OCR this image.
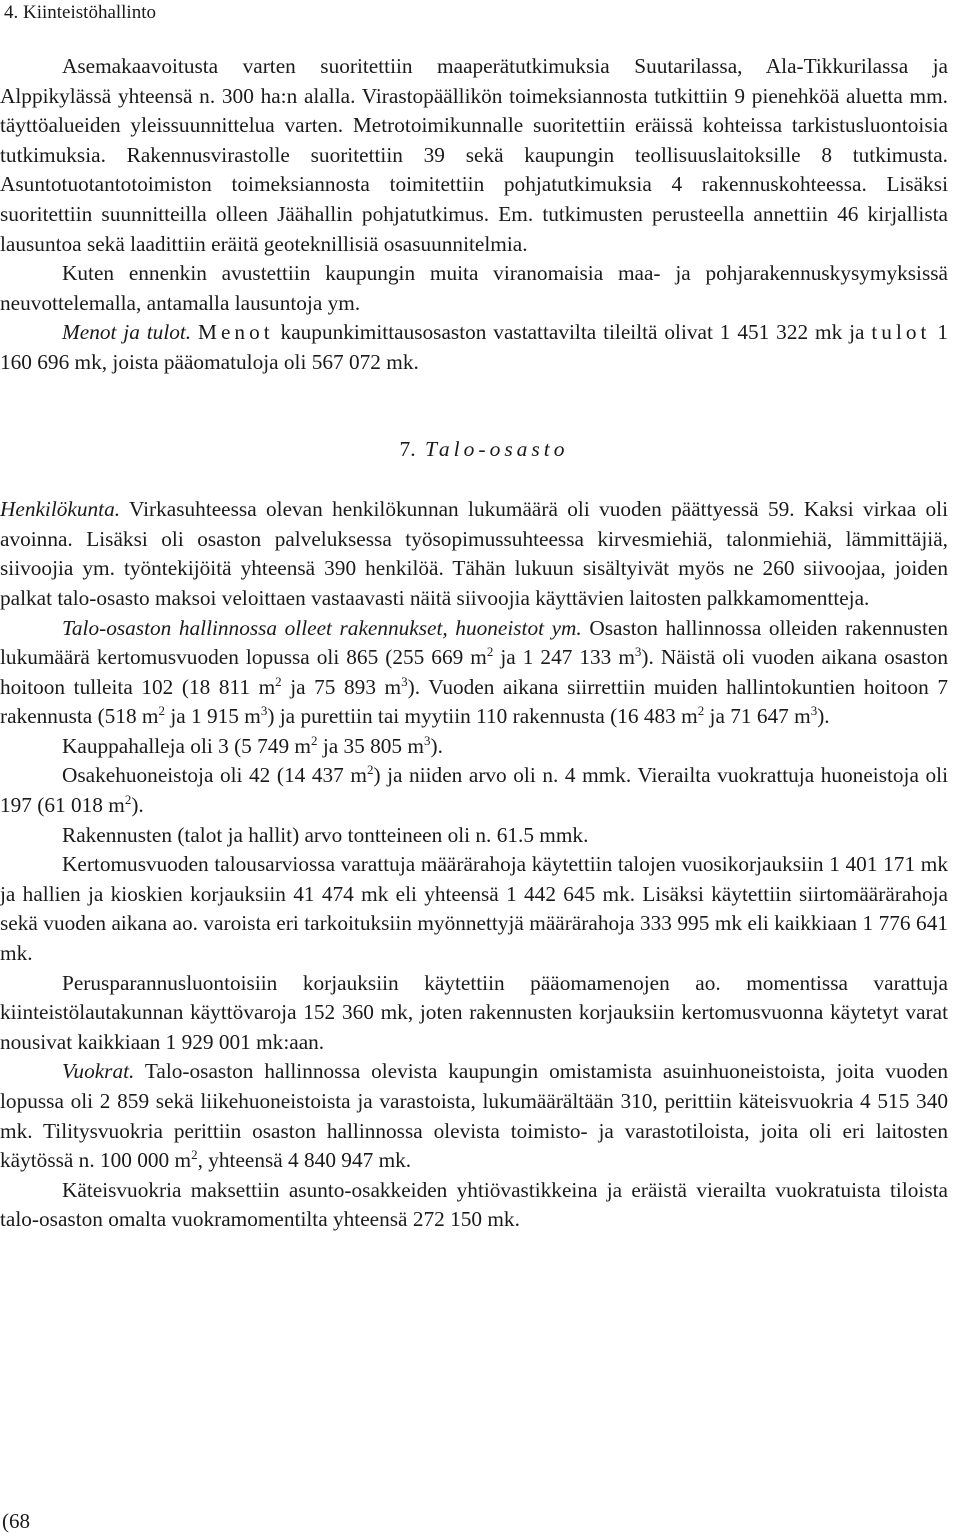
4. Kiinteistöhallinto

Asemakaavoitusta varten suoritettiin maaperätutkimuksia Suutarilassa, Ala-Tikkurilassa ja Alppikylässä yhteensä n. 300 ha:n alalla. Virastopäällikön toimeksiannosta tutkittiin 9 pienehköä aluetta mm. täyttöalueiden yleissuunnittelua varten. Metrotoimikunnalle suoritettiin eräissä kohteissa tarkistusluontoisia tutkimuksia. Rakennusvirastolle suoritettiin 39 sekä kaupungin teollisuuslaitoksille 8 tutkimusta. Asuntotuotantotoimiston toimeksiannosta toimitettiin pohjatutkimuksia 4 rakennuskohteessa. Lisäksi suoritettiin suunnitteilla olleen Jäähallin pohjatutkimus. Em. tutkimusten perusteella annettiin 46 kirjallista lausuntoa sekä laadittiin eräitä geoteknillisiä osasuunnitelmia.

Kuten ennenkin avustettiin kaupungin muita viranomaisia maa- ja pohjarakennuskysymyksissä neuvottelemalla, antamalla lausuntoja ym.

Menot ja tulot. Menot kaupunkimittausosaston vastattavilta tileiltä olivat 1 451 322 mk ja tulot 1 160 696 mk, joista pääomatuloja oli 567 072 mk.

7. Talo-osasto

Henkilökunta. Virkasuhteessa olevan henkilökunnan lukumäärä oli vuoden päättyessä 59. Kaksi virkaa oli avoinna. Lisäksi oli osaston palveluksessa työsopimussuhteessa kirvesmiehiä, talonmiehiä, lämmittäjiä, siivoojia ym. työntekijöitä yhteensä 390 henkilöä. Tähän lukuun sisältyivät myös ne 260 siivoojaa, joiden palkat talo-osasto maksoi veloittaen vastaavasti näitä siivoojia käyttävien laitosten palkkamomentteja.

Talo-osaston hallinnossa olleet rakennukset, huoneistot ym. Osaston hallinnossa olleiden rakennusten lukumäärä kertomusvuoden lopussa oli 865 (255 669 $m^2$ ja 1 247 133 $m^3$). Näistä oli vuoden aikana osaston hoitoon tulleita 102 (18 811 $m^2$ ja 75 893 $m^3$). Vuoden aikana siirrettiin muiden hallintokuntien hoitoon 7 rakennusta (518 $m^2$ ja 1 915 $m^3$) ja purettiin tai myytiin 110 rakennusta (16 483 $m^2$ ja 71 647 $m^3$).

Kauppahalleja oli 3 (5 749 $m^2$ ja 35 805 $m^3$).

Osakehuoneistoja oli 42 (14 437 $m^2$) ja niiden arvo oli n. 4 mmk. Vierailta vuokrattuja huoneistoja oli 197 (61 018 $m^2$).

Rakennusten (talot ja hallit) arvo tontteineen oli n. 61.5 mmk.

Kertomusvuoden talousarviossa varattuja määrärahoja käytettiin talojen vuosikorjauksiin 1 401 171 mk ja hallien ja kioskien korjauksiin 41 474 mk eli yhteensä 1 442 645 mk. Lisäksi käytettiin siirtomäärärahoja sekä vuoden aikana ao. varoista eri tarkoituksiin myönnettyjä määrärahoja 333 995 mk eli kaikkiaan 1 776 641 mk.

Perusparannusluontoisiin korjauksiin käytettiin pääomamenojen ao. momentissa varattuja kiinteistölautakunnan käyttövaroja 152 360 mk, joten rakennusten korjauksiin kertomusvuonna käytetyt varat nousivat kaikkiaan 1 929 001 mk:aan.

Vuokrat. Talo-osaston hallinnossa olevista kaupungin omistamista asuinhuoneistoista, joita vuoden lopussa oli 2 859 sekä liikehuoneistoista ja varastoista, lukumäärältään 310, perittiin käteisvuokria 4 515 340 mk. Tilitysvuokria perittiin osaston hallinnossa olevista toimisto- ja varastotiloista, joita oli eri laitosten käytössä n. 100 000 $m^2$, yhteensä 4 840 947 mk.

Käteisvuokria maksettiin asunto-osakkeiden yhtiövastikkeina ja eräistä vierailta vuokratuista tiloista talo-osaston omalta vuokramomentilta yhteensä 272 150 mk.

(68
